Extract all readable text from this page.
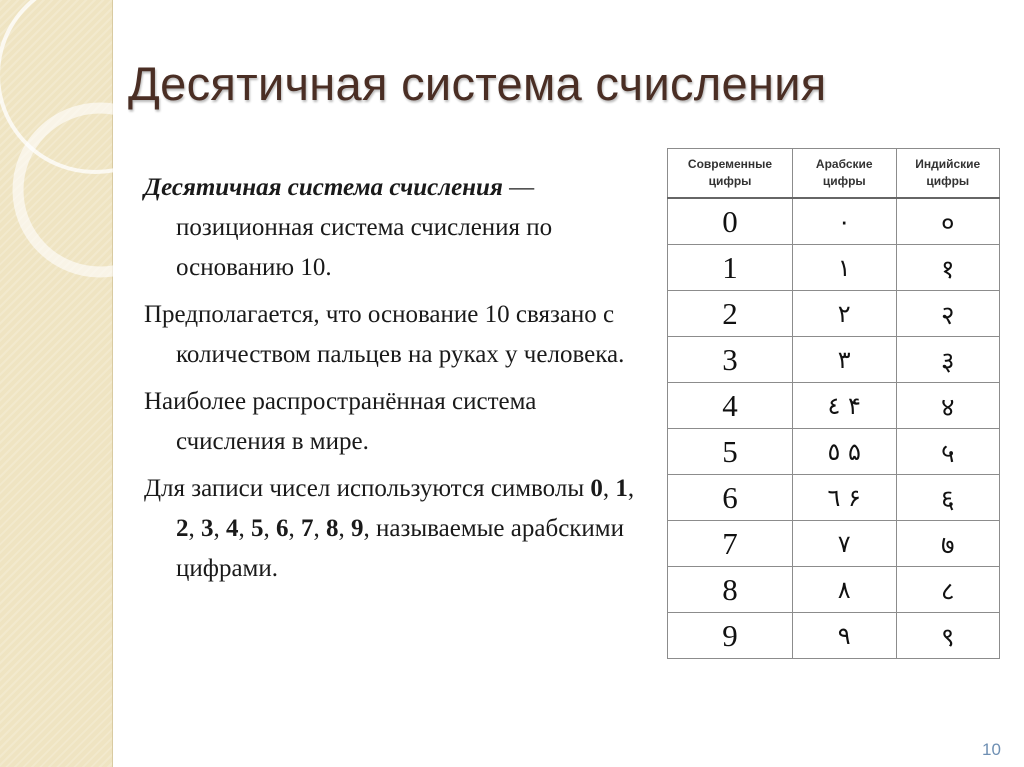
Десятичная система счисления

Десятичная система счисления — позиционная система счисления по основанию 10.

Предполагается, что основание 10 связано с количеством пальцев на руках у человека.

Наиболее распространённая система счисления в мире.

Для записи чисел используются символы 0, 1, 2, 3, 4, 5, 6, 7, 8, 9, называемые арабскими цифрами.

Современные цифры	Арабские цифры	Индийские цифры
0	٠	०
1	١	१
2	٢	२
3	٣	३
4	٤ ۴	४
5	٥ ۵	५
6	٦ ۶	६
7	٧	७
8	٨	८
9	٩	९
10
